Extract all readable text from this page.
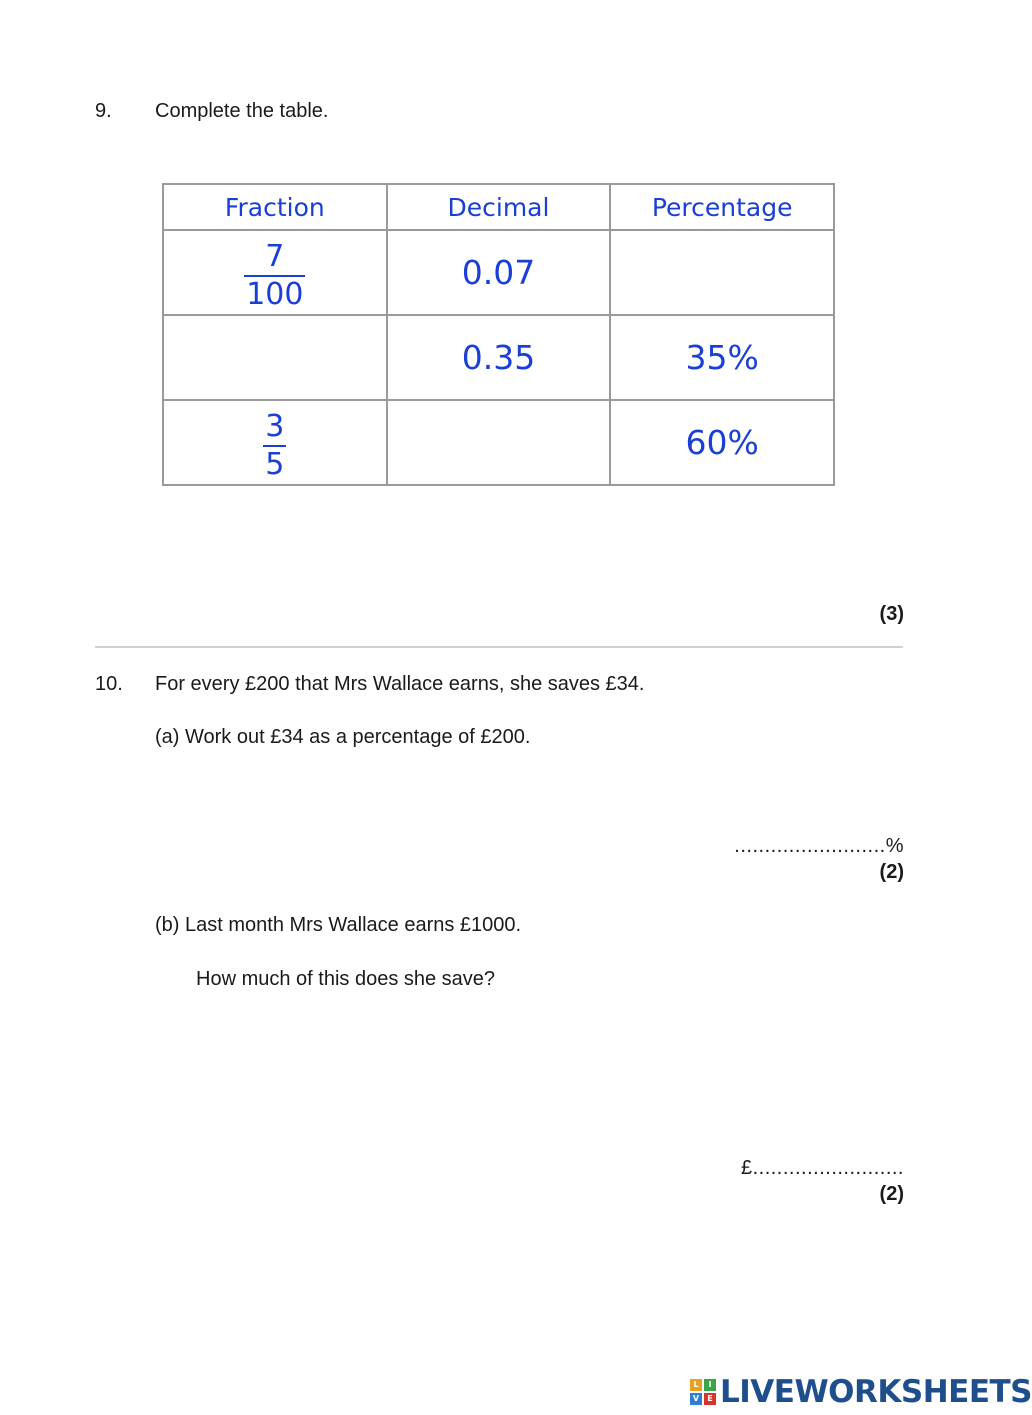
9. Complete the table.
Fraction	Decimal	Percentage

$\frac{7}{100}$	0.07	
	0.35	35%

$\frac{3}{5}$		60%
(3)
10. For every £200 that Mrs Wallace earns, she saves £34.
(a) Work out £34 as a percentage of £200.
.........................%
(2)
(b) Last month Mrs Wallace earns £1000.
How much of this does she save?
£.........................
(2)
L	I
V	E LIVEWORKSHEETS
